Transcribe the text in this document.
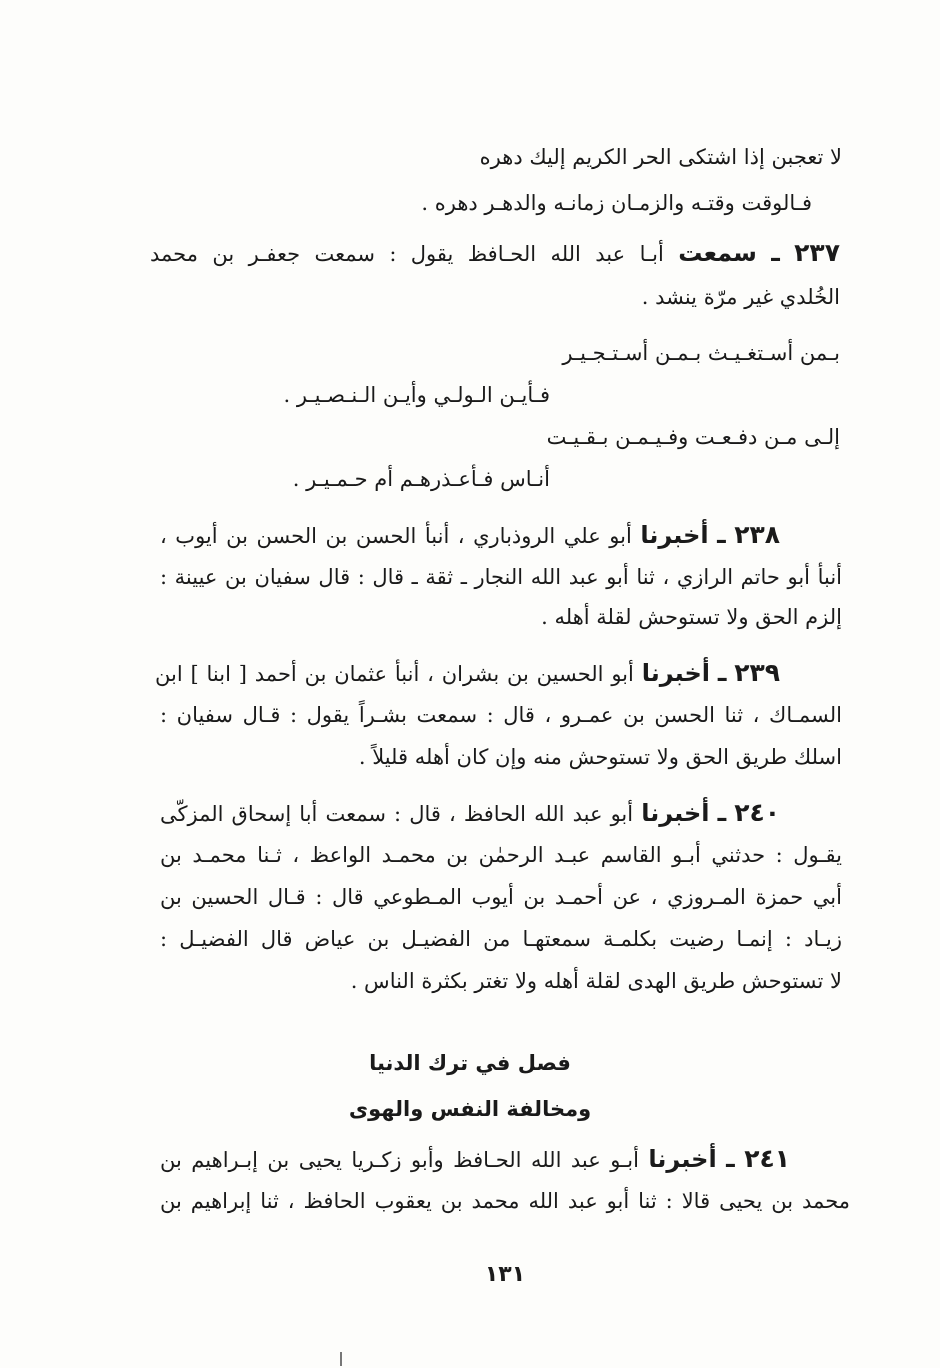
لا تعجبن إذا اشتكى الحر الكريم إليك دهره
فـالوقت وقتـه والزمـان زمانـه والدهـر دهره .
٢٣٧ ـ سمعت أبـا عبد الله الحـافظ يقول : سمعت جعفـر بن محمد
الخُلدي غير مرّة ينشد .
بـمن أسـتغـيـث بـمـن أسـتـجـيـر
فـأيـن الـولـي وأيـن الـنـصـيـر .
إلـى مـن دفـعـت وفـيـمـن بـقـيـت
أنـاس فـأعـذرهـم أم حـمـيـر .
٢٣٨ ـ أخبرنا أبو علي الروذباري ، أنبأ الحسن بن الحسن بن أيوب ،
أنبأ أبو حاتم الرازي ، ثنا أبو عبد الله النجار ـ ثقة ـ قال : قال سفيان بن عيينة :
إلزم الحق ولا تستوحش لقلة أهله .
٢٣٩ ـ أخبرنا أبو الحسين بن بشران ، أنبأ عثمان بن أحمد [ ابنا ] ابن
السمـاك ، ثنا الحسن بن عمـرو ، قال : سمعت بشـراً يقول : قـال سفيان :
اسلك طريق الحق ولا تستوحش منه وإن كان أهله قليلاً .
٢٤٠ ـ أخبرنا أبو عبد الله الحافظ ، قال : سمعت أبا إسحاق المزكّى
يقـول : حدثني أبـو القاسم عبـد الرحمٰن بن محمـد الواعظ ، ثـنا محمـد بن
أبي حمزة المـروزي ، عن أحمـد بن أيوب المـطوعي قال : قـال الحسين بن
زيـاد : إنمـا رضيت بكلمـة سمعتهـا من الفضيـل بن عياض قال الفضيـل :
لا تستوحش طريق الهدى لقلة أهله ولا تغتر بكثرة الناس .
فصل في ترك الدنيا
ومخالفة النفس والهوى
٢٤١ ـ أخبرنا أبـو عبد الله الحـافظ وأبو زكـريا يحيى بن إبـراهيم بن
محمد بن يحيى قالا : ثنا أبو عبد الله محمد بن يعقوب الحافظ ، ثنا إبراهيم بن
١٣١
